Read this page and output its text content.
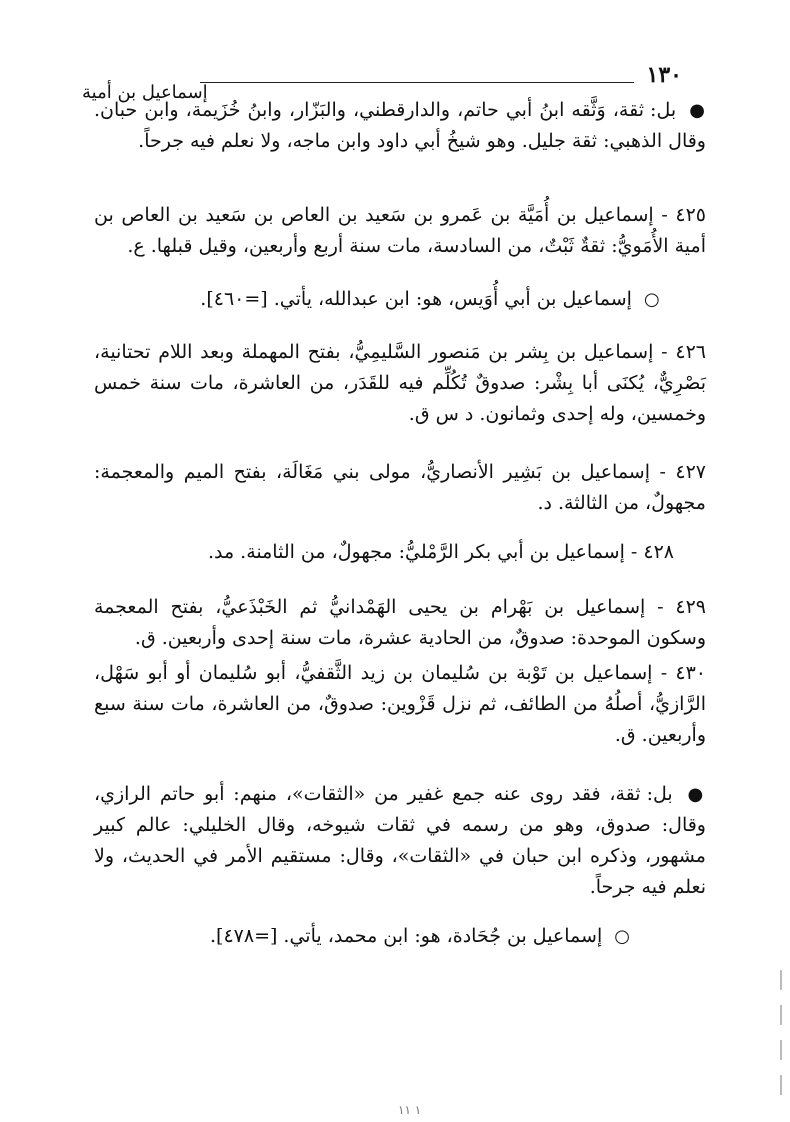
١٣٠
إسماعيل بن أمية

● بل: ثقة، وَثَّقه ابنُ أبي حاتم، والدارقطني، والبَزّار، وابنُ خُزَيمة، وابن حبان. وقال الذهبي: ثقة جليل. وهو شيخُ أبي داود وابن ماجه، ولا نعلم فيه جرحاً.

٤٢٥ - إسماعيل بن أُمَيَّة بن عَمرو بن سَعيد بن العاص بن سَعيد بن العاص بن أمية الأُمَويُّ: ثقةٌ ثَبْتٌ، من السادسة، مات سنة أربع وأربعين، وقيل قبلها. ع.

○ إسماعيل بن أبي أُوَيس، هو: ابن عبدالله، يأتي. [=٤٦٠].

٤٢٦ - إسماعيل بن بِشر بن مَنصور السَّليمِيُّ، بفتح المهملة وبعد اللام تحتانية، بَصْرِيٌّ، يُكنَى أبا بِشْر: صدوقٌ تُكُلِّم فيه للقَدَر، من العاشرة، مات سنة خمس وخمسين، وله إحدى وثمانون. د س ق.

٤٢٧ - إسماعيل بن بَشِير الأنصاريُّ، مولى بني مَغَالَة، بفتح الميم والمعجمة: مجهولٌ، من الثالثة. د.

٤٢٨ - إسماعيل بن أبي بكر الرَّمْليُّ: مجهولٌ، من الثامنة. مد.

٤٢٩ - إسماعيل بن بَهْرام بن يحيى الهَمْدانيُّ ثم الخَبْذَعيُّ، بفتح المعجمة وسكون الموحدة: صدوقٌ، من الحادية عشرة، مات سنة إحدى وأربعين. ق.

٤٣٠ - إسماعيل بن تَوْبة بن سُليمان بن زيد الثَّقفيُّ، أبو سُليمان أو أبو سَهْل، الرَّازيُّ، أصلُهُ من الطائف، ثم نزل قَزْوين: صدوقٌ، من العاشرة، مات سنة سبع وأربعين. ق.

● بل: ثقة، فقد روى عنه جمع غفير من «الثقات»، منهم: أبو حاتم الرازي، وقال: صدوق، وهو من رسمه في ثقات شيوخه، وقال الخليلي: عالم كبير مشهور، وذكره ابن حبان في «الثقات»، وقال: مستقيم الأمر في الحديث، ولا نعلم فيه جرحاً.

○ إسماعيل بن جُحَادة، هو: ابن محمد، يأتي. [=٤٧٨].

۱۱ ۱
